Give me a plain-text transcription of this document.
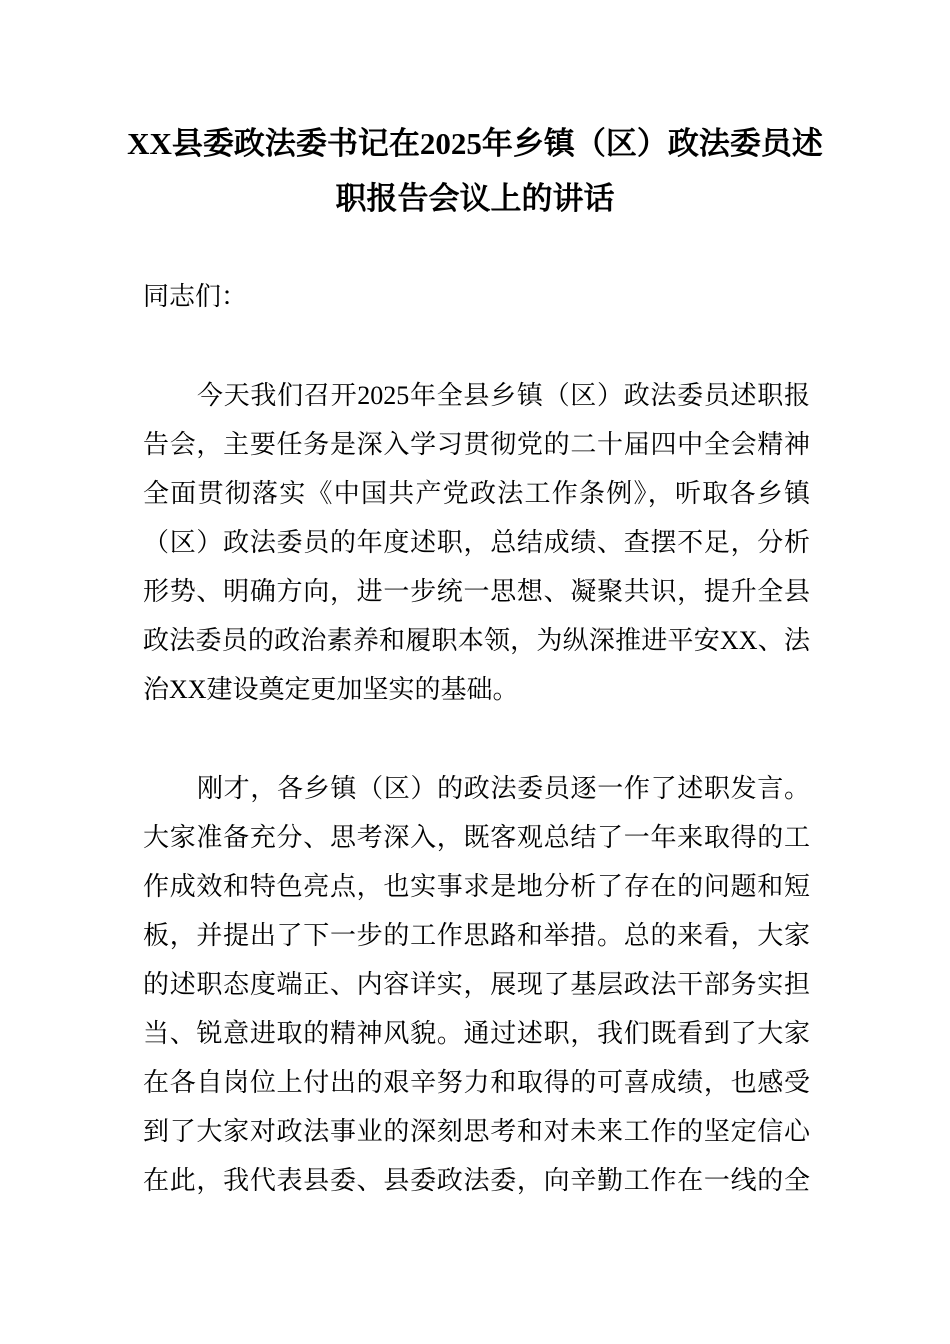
XX县委政法委书记在2025年乡镇（区）政法委员述
职报告会议上的讲话
同志们：
今天我们召开2025年全县乡镇（区）政法委员述职报
告会，主要任务是深入学习贯彻党的二十届四中全会精神
全面贯彻落实《中国共产党政法工作条例》，听取各乡镇
（区）政法委员的年度述职，总结成绩、查摆不足，分析
形势、明确方向，进一步统一思想、凝聚共识，提升全县
政法委员的政治素养和履职本领，为纵深推进平安XX、法
治XX建设奠定更加坚实的基础。
刚才，各乡镇（区）的政法委员逐一作了述职发言。
大家准备充分、思考深入，既客观总结了一年来取得的工
作成效和特色亮点，也实事求是地分析了存在的问题和短
板，并提出了下一步的工作思路和举措。总的来看，大家
的述职态度端正、内容详实，展现了基层政法干部务实担
当、锐意进取的精神风貌。通过述职，我们既看到了大家
在各自岗位上付出的艰辛努力和取得的可喜成绩，也感受
到了大家对政法事业的深刻思考和对未来工作的坚定信心
在此，我代表县委、县委政法委，向辛勤工作在一线的全
